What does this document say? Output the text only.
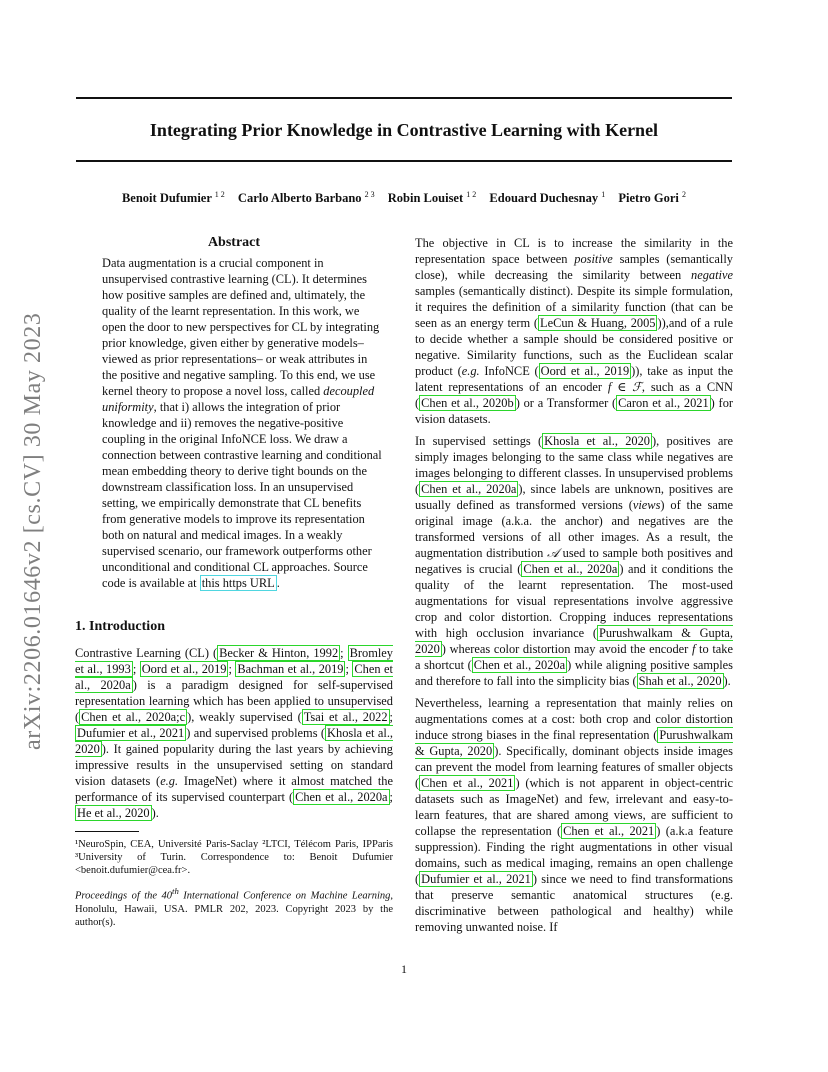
arXiv:2206.01646v2 [cs.CV] 30 May 2023
Integrating Prior Knowledge in Contrastive Learning with Kernel
Benoit Dufumier $^{1 2}$ Carlo Alberto Barbano $^{2 3}$ Robin Louiset $^{1 2}$ Edouard Duchesnay $^1$ Pietro Gori $^2$
Abstract
Data augmentation is a crucial component in unsupervised contrastive learning (CL). It determines how positive samples are defined and, ultimately, the quality of the learnt representation. In this work, we open the door to new perspectives for CL by integrating prior knowledge, given either by generative models–viewed as prior representations– or weak attributes in the positive and negative sampling. To this end, we use kernel theory to propose a novel loss, called decoupled uniformity, that i) allows the integration of prior knowledge and ii) removes the negative-positive coupling in the original InfoNCE loss. We draw a connection between contrastive learning and conditional mean embedding theory to derive tight bounds on the downstream classification loss. In an unsupervised setting, we empirically demonstrate that CL benefits from generative models to improve its representation both on natural and medical images. In a weakly supervised scenario, our framework outperforms other unconditional and conditional CL approaches. Source code is available at this https URL .
1. Introduction

Contrastive Learning (CL) ( Becker & Hinton, 1992 ; Bromley et al., 1993 ; Oord et al., 2019 ; Bachman et al., 2019 ; Chen et al., 2020a ) is a paradigm designed for self-supervised representation learning which has been applied to unsupervised ( Chen et al., 2020a;c ), weakly supervised ( Tsai et al., 2022 ; Dufumier et al., 2021 ) and supervised problems ( Khosla et al., 2020 ). It gained popularity during the last years by achieving impressive results in the unsupervised setting on standard vision datasets (e.g. ImageNet) where it almost matched the performance of its supervised counterpart ( Chen et al., 2020a ; He et al., 2020 ).

¹NeuroSpin, CEA, Université Paris-Saclay ²LTCI, Télécom Paris, IPParis ³University of Turin. Correspondence to: Benoit Dufumier <benoit.dufumier@cea.fr>.
Proceedings of the 40th International Conference on Machine Learning, Honolulu, Hawaii, USA. PMLR 202, 2023. Copyright 2023 by the author(s).

The objective in CL is to increase the similarity in the representation space between positive samples (semantically close), while decreasing the similarity between negative samples (semantically distinct). Despite its simple formulation, it requires the definition of a similarity function (that can be seen as an energy term ( LeCun & Huang, 2005 )),and of a rule to decide whether a sample should be considered positive or negative. Similarity functions, such as the Euclidean scalar product (e.g. InfoNCE ( Oord et al., 2019 )), take as input the latent representations of an encoder f ∈ ℱ, such as a CNN ( Chen et al., 2020b ) or a Transformer ( Caron et al., 2021 ) for vision datasets.

In supervised settings ( Khosla et al., 2020 ), positives are simply images belonging to the same class while negatives are images belonging to different classes. In unsupervised problems ( Chen et al., 2020a ), since labels are unknown, positives are usually defined as transformed versions (views) of the same original image (a.k.a. the anchor) and negatives are the transformed versions of all other images. As a result, the augmentation distribution 𝒜 used to sample both positives and negatives is crucial ( Chen et al., 2020a ) and it conditions the quality of the learnt representation. The most-used augmentations for visual representations involve aggressive crop and color distortion. Cropping induces representations with high occlusion invariance ( Purushwalkam & Gupta, 2020 ) whereas color distortion may avoid the encoder f to take a shortcut ( Chen et al., 2020a ) while aligning positive samples and therefore to fall into the simplicity bias ( Shah et al., 2020 ).

Nevertheless, learning a representation that mainly relies on augmentations comes at a cost: both crop and color distortion induce strong biases in the final representation ( Purushwalkam & Gupta, 2020 ). Specifically, dominant objects inside images can prevent the model from learning features of smaller objects ( Chen et al., 2021 ) (which is not apparent in object-centric datasets such as ImageNet) and few, irrelevant and easy-to-learn features, that are shared among views, are sufficient to collapse the representation ( Chen et al., 2021 ) (a.k.a feature suppression). Finding the right augmentations in other visual domains, such as medical imaging, remains an open challenge ( Dufumier et al., 2021 ) since we need to find transformations that preserve semantic anatomical structures (e.g. discriminative between pathological and healthy) while removing unwanted noise. If

1
